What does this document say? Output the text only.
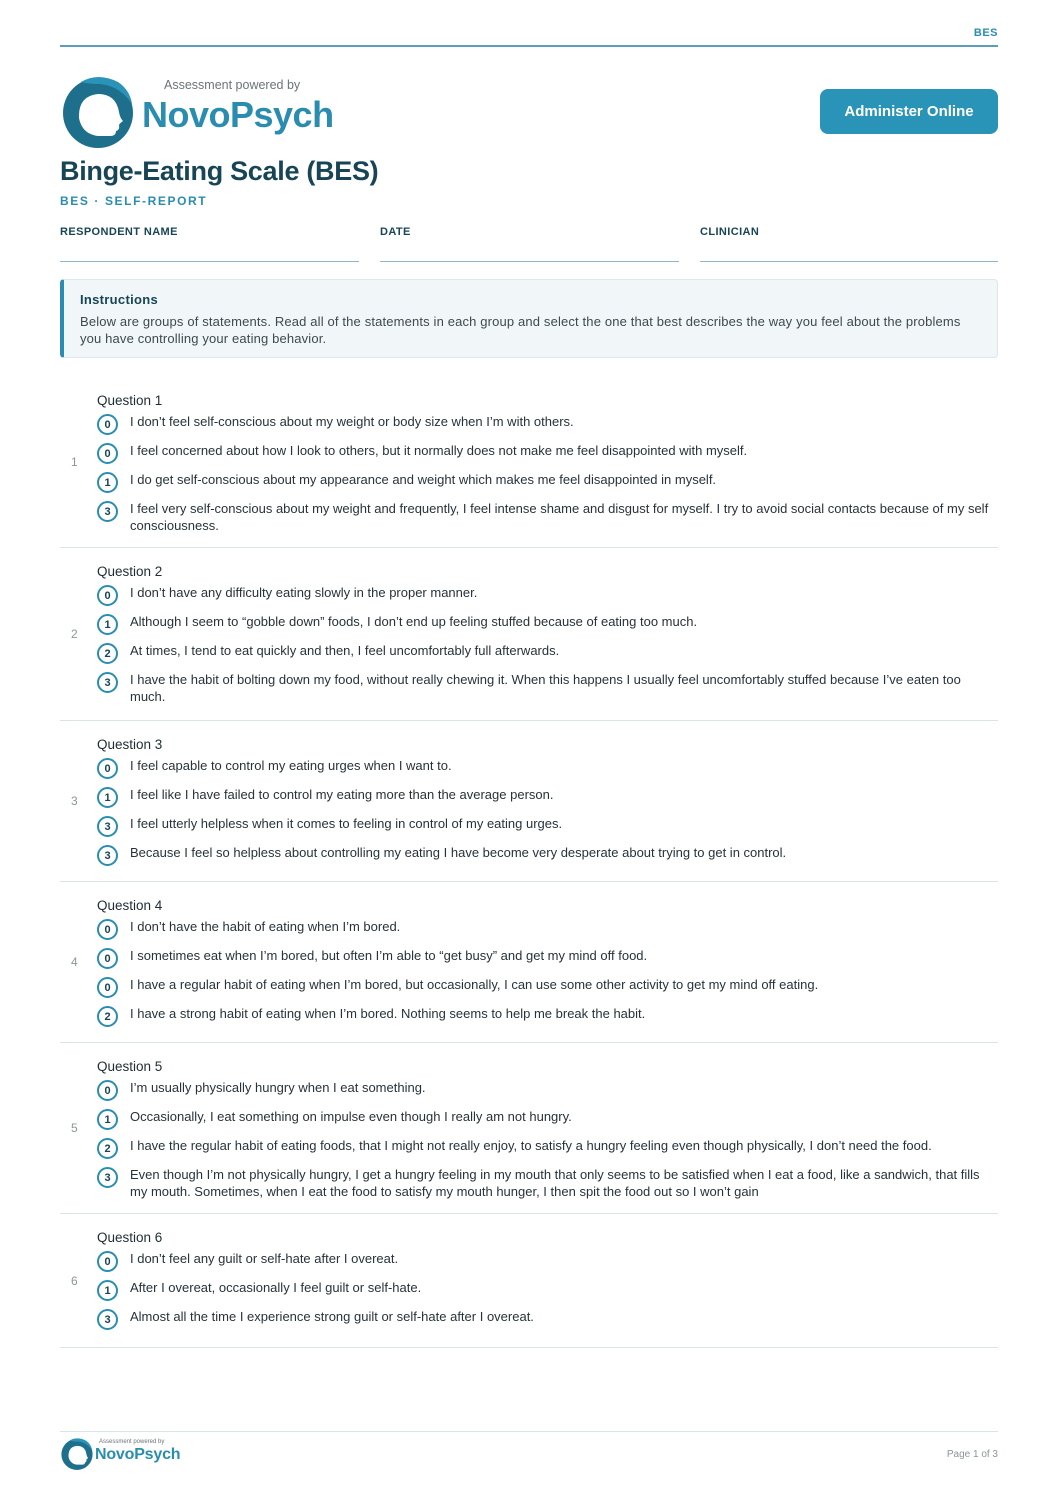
BES
Assessment powered by
NovoPsych	Administer Online
Binge-Eating Scale (BES)
BES · SELF-REPORT
RESPONDENT NAME	DATE	CLINICIAN
Instructions
Below are groups of statements. Read all of the statements in each group and select the one that best describes the way you feel about the problems you have controlling your eating behavior.
1
Question 1
0	I don’t feel self-conscious about my weight or body size when I’m with others.
0	I feel concerned about how I look to others, but it normally does not make me feel disappointed with myself.
1	I do get self-conscious about my appearance and weight which makes me feel disappointed in myself.
3	I feel very self-conscious about my weight and frequently, I feel intense shame and disgust for myself. I try to avoid social contacts because of my self consciousness.
2
Question 2
0	I don’t have any difficulty eating slowly in the proper manner.
1	Although I seem to “gobble down” foods, I don’t end up feeling stuffed because of eating too much.
2	At times, I tend to eat quickly and then, I feel uncomfortably full afterwards.
3	I have the habit of bolting down my food, without really chewing it. When this happens I usually feel uncomfortably stuffed because I’ve eaten too much.
3
Question 3
0	I feel capable to control my eating urges when I want to.
1	I feel like I have failed to control my eating more than the average person.
3	I feel utterly helpless when it comes to feeling in control of my eating urges.
3	Because I feel so helpless about controlling my eating I have become very desperate about trying to get in control.
4
Question 4
0	I don’t have the habit of eating when I’m bored.
0	I sometimes eat when I’m bored, but often I’m able to “get busy” and get my mind off food.
0	I have a regular habit of eating when I’m bored, but occasionally, I can use some other activity to get my mind off eating.
2	I have a strong habit of eating when I’m bored. Nothing seems to help me break the habit.
5
Question 5
0	I’m usually physically hungry when I eat something.
1	Occasionally, I eat something on impulse even though I really am not hungry.
2	I have the regular habit of eating foods, that I might not really enjoy, to satisfy a hungry feeling even though physically, I don’t need the food.
3	Even though I’m not physically hungry, I get a hungry feeling in my mouth that only seems to be satisfied when I eat a food, like a sandwich, that fills my mouth. Sometimes, when I eat the food to satisfy my mouth hunger, I then spit the food out so I won’t gain
6
Question 6
0	I don’t feel any guilt or self-hate after I overeat.
1	After I overeat, occasionally I feel guilt or self-hate.
3	Almost all the time I experience strong guilt or self-hate after I overeat.
Assessment powered by
NovoPsych	Page 1 of 3
